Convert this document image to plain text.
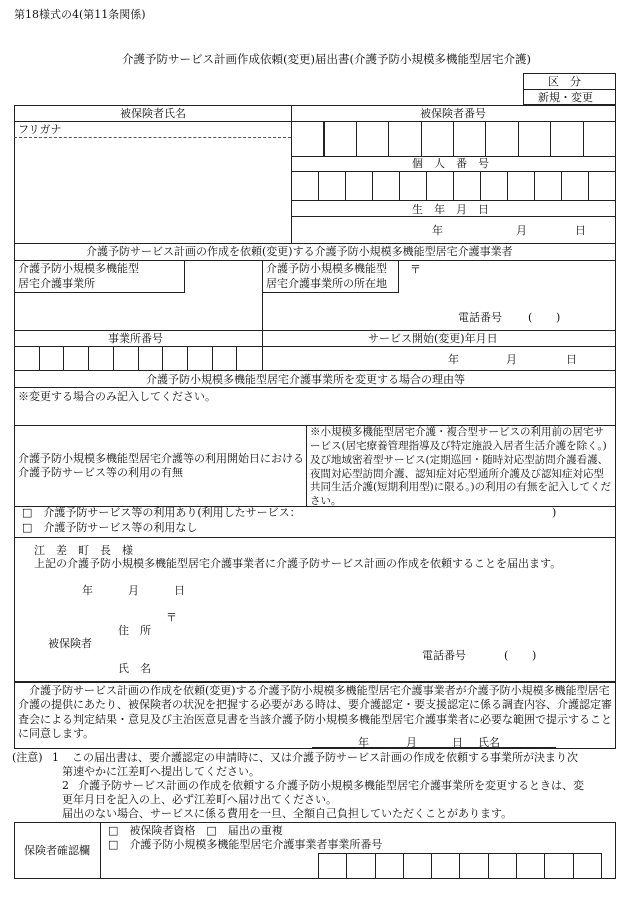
第18様式の4(第11条関係)
介護予防サービス計画作成依頼(変更)届出書(介護予防小規模多機能型居宅介護)
区　分
新規・変更
被保険者氏名	被保険者番号
フリガナ
個　人　番　号
生　年　月　日
年	月	日
介護予防サービス計画の作成を依頼(変更)する介護予防小規模多機能型居宅介護事業者
介護予防小規模多機能型
居宅介護事業所
介護予防小規模多機能型
居宅介護事業所の所在地
〒
電話番号 ( )
事業所番号	サービス開始(変更)年月日
年	月	日
介護予防小規模多機能型居宅介護事業所を変更する場合の理由等
※変更する場合のみ記入してください。
介護予防小規模多機能型居宅介護等の利用開始日における介護予防サービス等の利用の有無
※小規模多機能型居宅介護・複合型サービスの利用前の居宅サービス(居宅療養管理指導及び特定施設入居者生活介護を除く。)及び地域密着型サービス(定期巡回・随時対応型訪問介護看護、夜間対応型訪問介護、認知症対応型通所介護及び認知症対応型共同生活介護(短期利用型)に限る。)の利用の有無を記入してください。
□　介護予防サービス等の利用あり(利用したサービス：	)
□　介護予防サービス等の利用なし
江　差　町　長　様
上記の介護予防小規模多機能型居宅介護事業者に介護予防サービス計画の作成を依頼することを届出ます。
年	月	日
〒
住　所
被保険者
電話番号	( )
氏　名
介護予防サービス計画の作成を依頼(変更)する介護予防小規模多機能型居宅介護事業者が介護予防小規模多機能型居宅介護の提供にあたり、被保険者の状況を把握する必要がある時は、要介護認定・要支援認定に係る調査内容、介護認定審査会による判定結果・意見及び主治医意見書を当該介護予防小規模多機能型居宅介護事業者に必要な範囲で提示することに同意します。
年	月	日 氏名
(注意) 1 この届出書は、要介護認定の申請時に、又は介護予防サービス計画の作成を依頼する事業所が決まり次
第速やかに江差町へ提出してください。
2 介護予防サービス計画の作成を依頼する介護予防小規模多機能型居宅介護事業所を変更するときは、変
更年月日を記入の上、必ず江差町へ届け出てください。
届出のない場合、サービスに係る費用を一旦、全額自己負担していただくことがあります。
保険者確認欄
□　被保険者資格　□　届出の重複
□　介護予防小規模多機能型居宅介護事業者事業所番号
